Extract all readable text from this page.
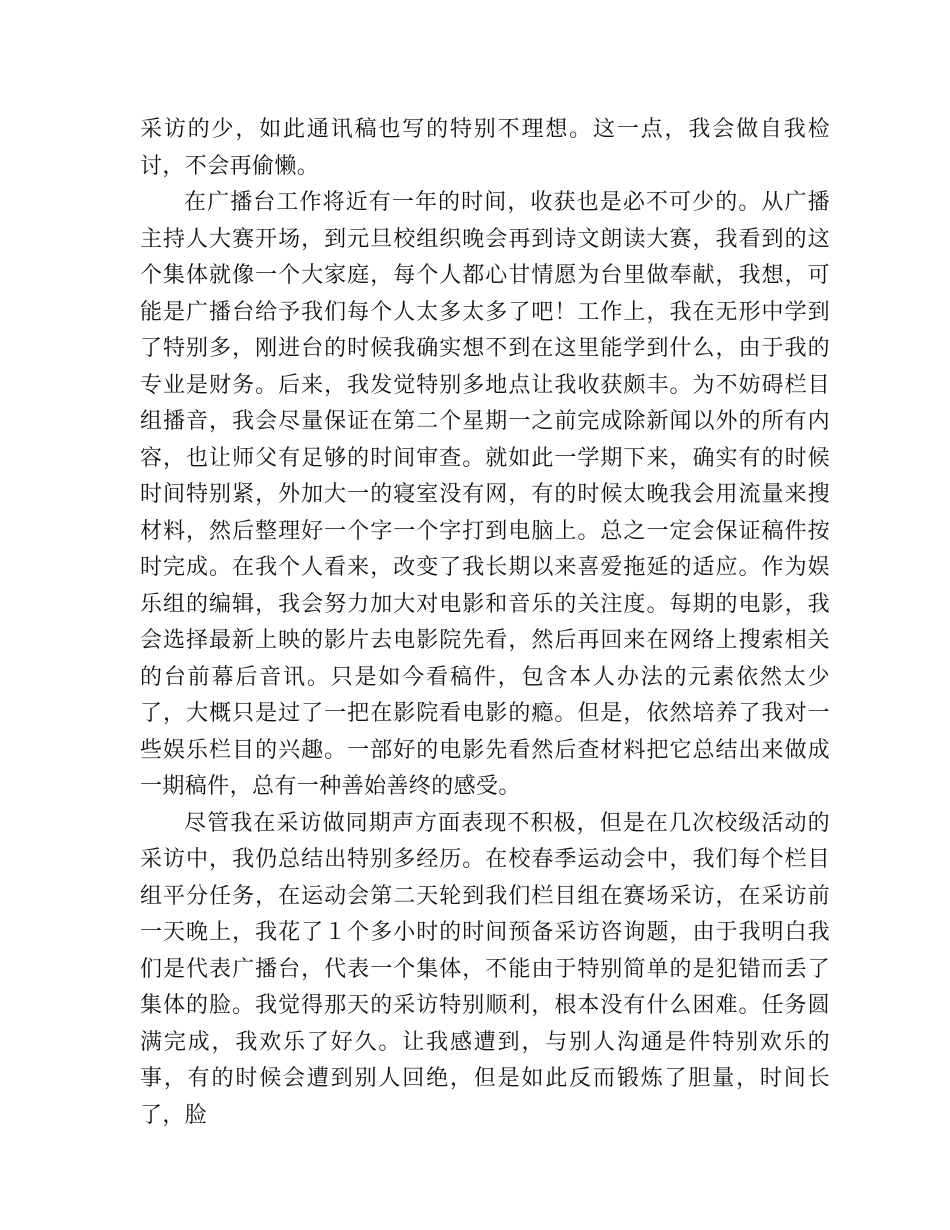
采访的少，如此通讯稿也写的特别不理想。这一点，我会做自我检讨，不会再偷懒。

在广播台工作将近有一年的时间，收获也是必不可少的。从广播主持人大赛开场，到元旦校组织晚会再到诗文朗读大赛，我看到的这个集体就像一个大家庭，每个人都心甘情愿为台里做奉献，我想，可能是广播台给予我们每个人太多太多了吧！工作上，我在无形中学到了特别多，刚进台的时候我确实想不到在这里能学到什么，由于我的专业是财务。后来，我发觉特别多地点让我收获颇丰。为不妨碍栏目组播音，我会尽量保证在第二个星期一之前完成除新闻以外的所有内容，也让师父有足够的时间审查。就如此一学期下来，确实有的时候时间特别紧，外加大一的寝室没有网，有的时候太晚我会用流量来搜材料，然后整理好一个字一个字打到电脑上。总之一定会保证稿件按时完成。在我个人看来，改变了我长期以来喜爱拖延的适应。作为娱乐组的编辑，我会努力加大对电影和音乐的关注度。每期的电影，我会选择最新上映的影片去电影院先看，然后再回来在网络上搜索相关的台前幕后音讯。只是如今看稿件，包含本人办法的元素依然太少了，大概只是过了一把在影院看电影的瘾。但是，依然培养了我对一些娱乐栏目的兴趣。一部好的电影先看然后查材料把它总结出来做成一期稿件，总有一种善始善终的感受。

尽管我在采访做同期声方面表现不积极，但是在几次校级活动的采访中，我仍总结出特别多经历。在校春季运动会中，我们每个栏目组平分任务，在运动会第二天轮到我们栏目组在赛场采访，在采访前一天晚上，我花了１个多小时的时间预备采访咨询题，由于我明白我们是代表广播台，代表一个集体，不能由于特别简单的是犯错而丢了集体的脸。我觉得那天的采访特别顺利，根本没有什么困难。任务圆满完成，我欢乐了好久。让我感遭到，与别人沟通是件特别欢乐的事，有的时候会遭到别人回绝，但是如此反而锻炼了胆量，时间长了，脸
